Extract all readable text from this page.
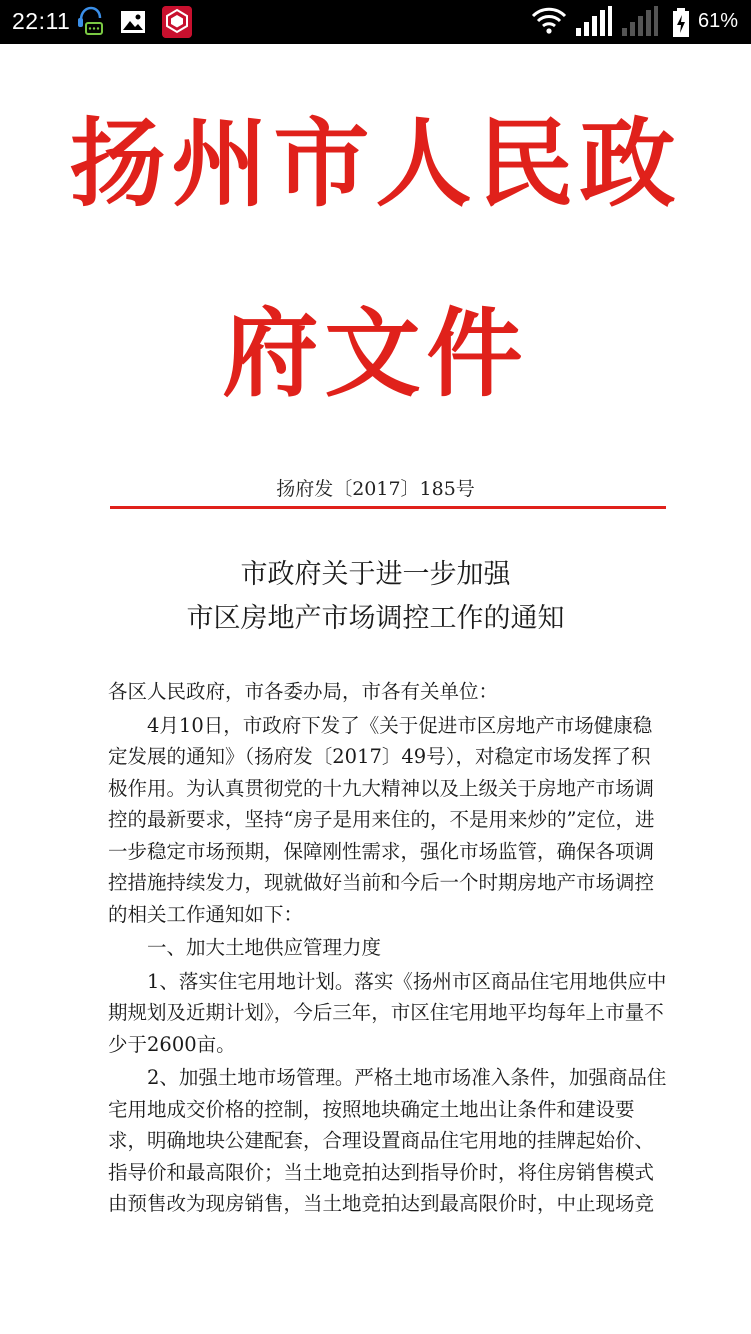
22:11	61%
扬州市人民政
府文件
扬府发〔2017〕185号
市政府关于进一步加强
市区房地产市场调控工作的通知
各区人民政府，市各委办局，市各有关单位：
4月10日，市政府下发了《关于促进市区房地产市场健康稳定发展的通知》（扬府发〔2017〕49号），对稳定市场发挥了积极作用。为认真贯彻党的十九大精神以及上级关于房地产市场调控的最新要求，坚持“房子是用来住的，不是用来炒的”定位，进一步稳定市场预期，保障刚性需求，强化市场监管，确保各项调控措施持续发力，现就做好当前和今后一个时期房地产市场调控的相关工作通知如下：
一、加大土地供应管理力度
1、落实住宅用地计划。落实《扬州市区商品住宅用地供应中期规划及近期计划》，今后三年，市区住宅用地平均每年上市量不少于2600亩。
2、加强土地市场管理。严格土地市场准入条件，加强商品住宅用地成交价格的控制，按照地块确定土地出让条件和建设要求，明确地块公建配套，合理设置商品住宅用地的挂牌起始价、指导价和最高限价；当土地竞拍达到指导价时，将住房销售模式由预售改为现房销售，当土地竞拍达到最高限价时，中止现场竞
